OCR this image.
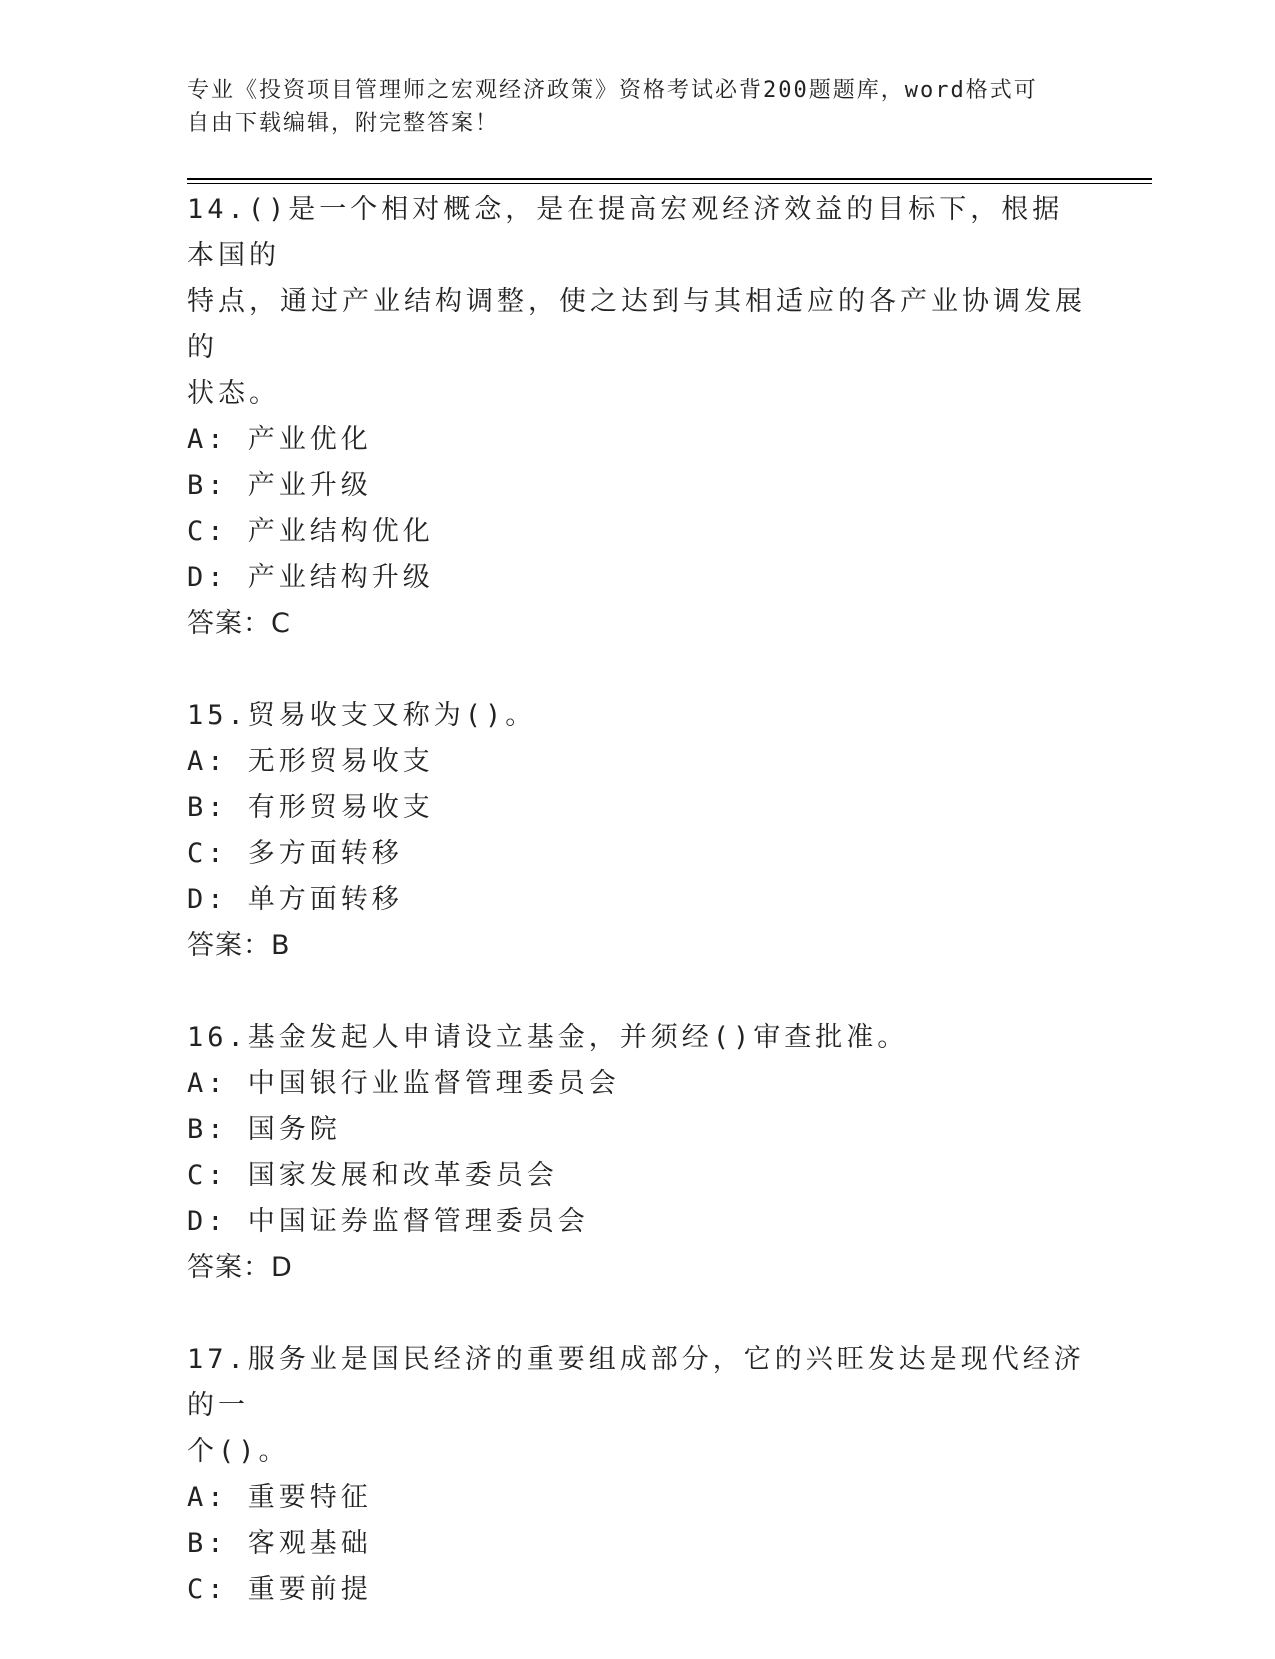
专业《投资项目管理师之宏观经济政策》资格考试必背200题题库，word格式可
自由下载编辑，附完整答案！
14.()是一个相对概念，是在提高宏观经济效益的目标下，根据本国的
特点，通过产业结构调整，使之达到与其相适应的各产业协调发展的
状态。
A: 产业优化
B: 产业升级
C: 产业结构优化
D: 产业结构升级
答案：C
15.贸易收支又称为()。
A: 无形贸易收支
B: 有形贸易收支
C: 多方面转移
D: 单方面转移
答案：B
16.基金发起人申请设立基金，并须经()审查批准。
A: 中国银行业监督管理委员会
B: 国务院
C: 国家发展和改革委员会
D: 中国证券监督管理委员会
答案：D
17.服务业是国民经济的重要组成部分，它的兴旺发达是现代经济的一
个()。
A: 重要特征
B: 客观基础
C: 重要前提
